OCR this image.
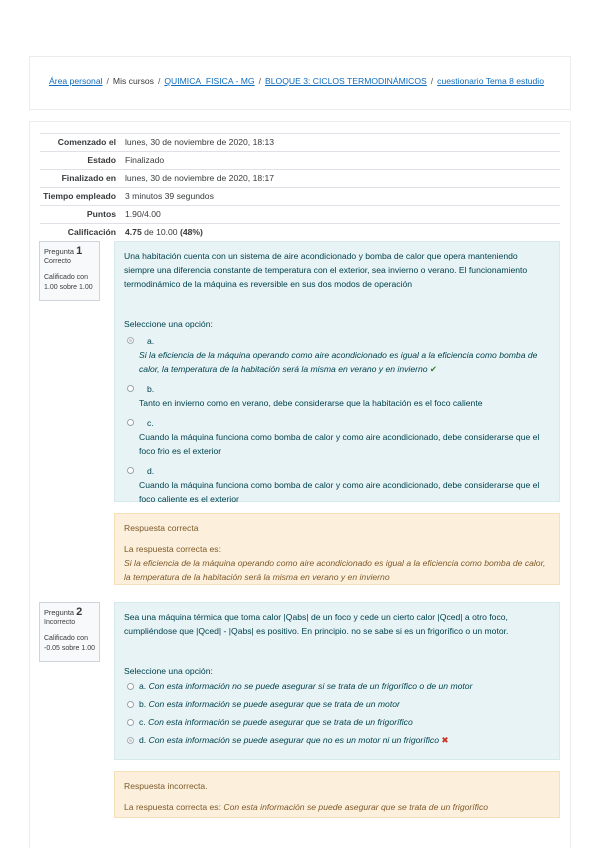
Área personal / Mis cursos / QUIMICA_FISICA - MG / BLOQUE 3: CICLOS TERMODINÁMICOS / cuestionario Tema 8 estudio
Comenzado el	lunes, 30 de noviembre de 2020, 18:13
Estado	Finalizado
Finalizado en	lunes, 30 de noviembre de 2020, 18:17
Tiempo empleado	3 minutos 39 segundos
Puntos	1.90/4.00
Calificación	4.75 de 10.00 (48%)
Pregunta 1
Correcto
Calificado con 1.00 sobre 1.00

Una habitación cuenta con un sistema de aire acondicionado y bomba de calor que opera manteniendo siempre una diferencia constante de temperatura con el exterior, sea invierno o verano. El funcionamiento termodinámico de la máquina es reversible en sus dos modos de operación

Seleccione una opción:
a.
Si la eficiencia de la máquina operando como aire acondicionado es igual a la eficiencia como bomba de calor, la temperatura de la habitación será la misma en verano y en invierno ✔
b.
Tanto en invierno como en verano, debe considerarse que la habitación es el foco caliente
c.
Cuando la máquina funciona como bomba de calor y como aire acondicionado, debe considerarse que el foco frio es el exterior
d.
Cuando la máquina funciona como bomba de calor y como aire acondicionado, debe considerarse que el foco caliente es el exterior
Respuesta correcta
La respuesta correcta es:
Si la eficiencia de la máquina operando como aire acondicionado es igual a la eficiencia como bomba de calor, la temperatura de la habitación será la misma en verano y en invierno
Pregunta 2
Incorrecto
Calificado con -0.05 sobre 1.00

Sea una máquina térmica que toma calor |Qabs| de un foco y cede un cierto calor |Qced| a otro foco, cumpliéndose que |Qced| - |Qabs| es positivo. En principio. no se sabe si es un frigorífico o un motor.

Seleccione una opción:
a. Con esta información no se puede asegurar si se trata de un frigorífico o de un motor
b. Con esta información se puede asegurar que se trata de un motor
c. Con esta información se puede asegurar que se trata de un frigorífico
d. Con esta información se puede asegurar que no es un motor ni un frigorífico ✖
Respuesta incorrecta.
La respuesta correcta es: Con esta información se puede asegurar que se trata de un frigorífico
